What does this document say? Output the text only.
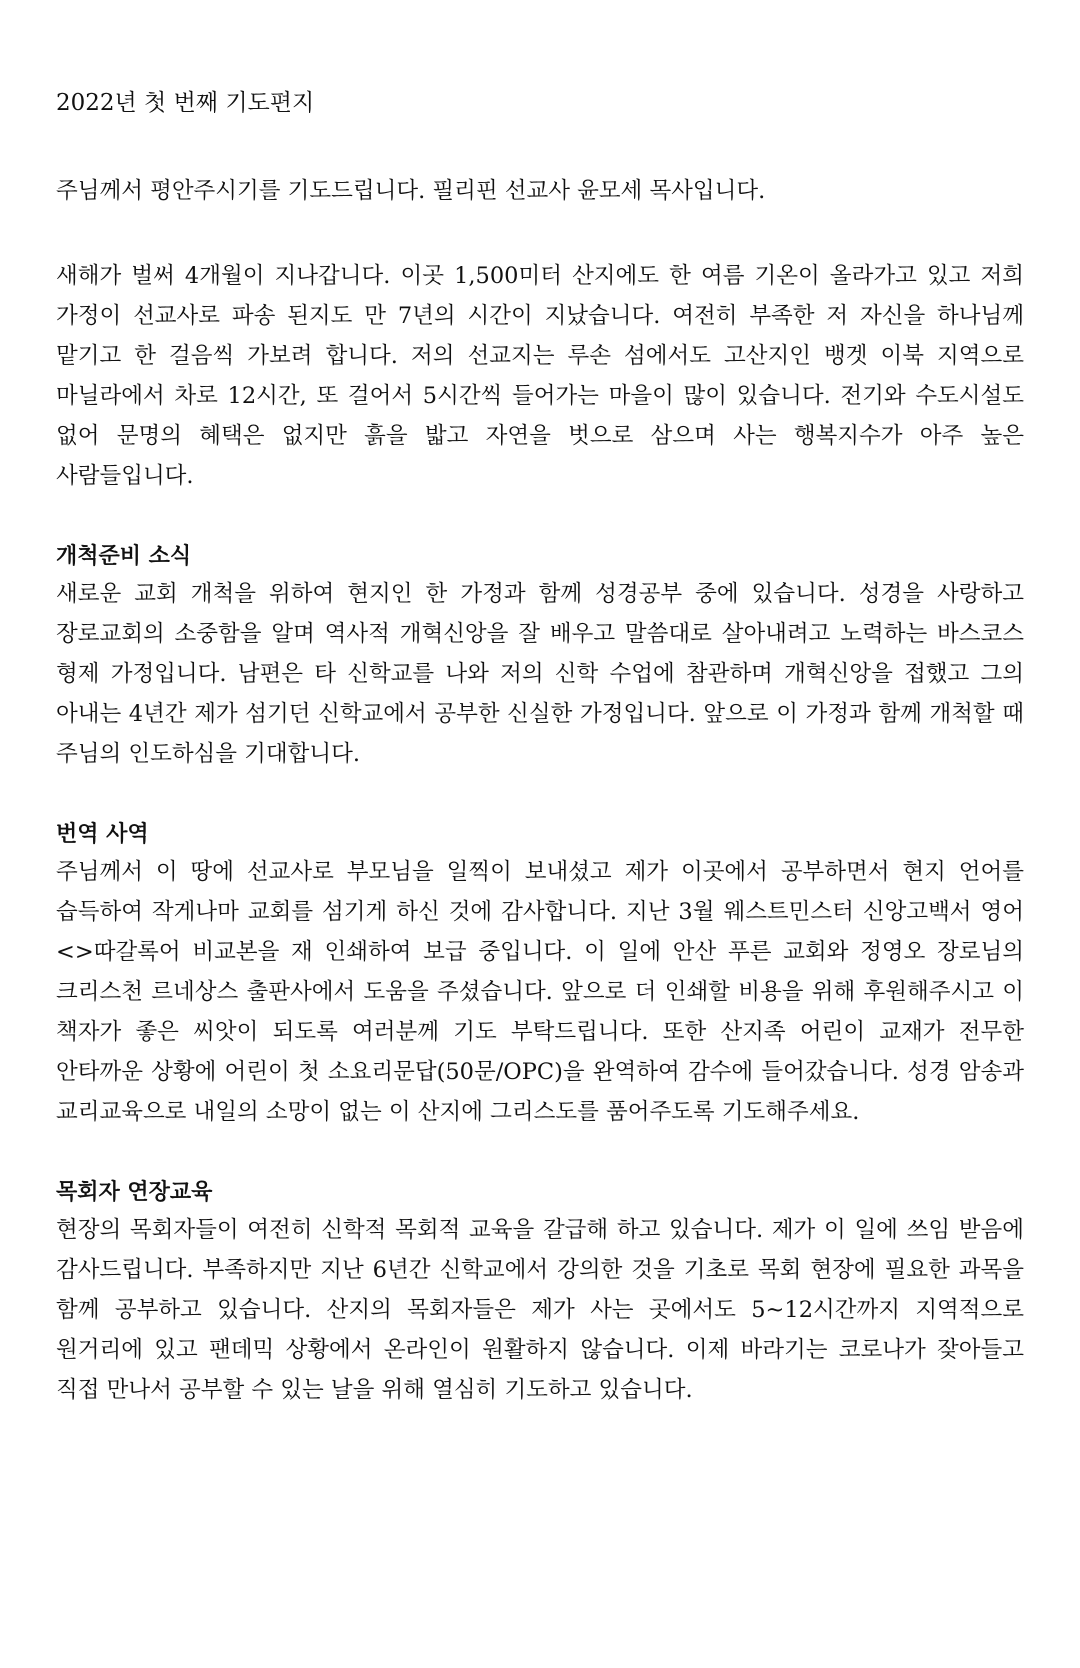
2022년 첫 번째 기도편지

주님께서 평안주시기를 기도드립니다. 필리핀 선교사 윤모세 목사입니다.

새해가 벌써 4개월이 지나갑니다. 이곳 1,500미터 산지에도 한 여름 기온이 올라가고 있고 저희 가정이 선교사로 파송 된지도 만 7년의 시간이 지났습니다. 여전히 부족한 저 자신을 하나님께 맡기고 한 걸음씩 가보려 합니다. 저의 선교지는 루손 섬에서도 고산지인 뱅겟 이북 지역으로 마닐라에서 차로 12시간, 또 걸어서 5시간씩 들어가는 마을이 많이 있습니다. 전기와 수도시설도 없어 문명의 혜택은 없지만 흙을 밟고 자연을 벗으로 삼으며 사는 행복지수가 아주 높은 사람들입니다.

개척준비 소식

새로운 교회 개척을 위하여 현지인 한 가정과 함께 성경공부 중에 있습니다. 성경을 사랑하고 장로교회의 소중함을 알며 역사적 개혁신앙을 잘 배우고 말씀대로 살아내려고 노력하는 바스코스 형제 가정입니다. 남편은 타 신학교를 나와 저의 신학 수업에 참관하며 개혁신앙을 접했고 그의 아내는 4년간 제가 섬기던 신학교에서 공부한 신실한 가정입니다. 앞으로 이 가정과 함께 개척할 때 주님의 인도하심을 기대합니다.

번역 사역

주님께서 이 땅에 선교사로 부모님을 일찍이 보내셨고 제가 이곳에서 공부하면서 현지 언어를 습득하여 작게나마 교회를 섬기게 하신 것에 감사합니다. 지난 3월 웨스트민스터 신앙고백서 영어<>따갈록어 비교본을 재 인쇄하여 보급 중입니다. 이 일에 안산 푸른 교회와 정영오 장로님의 크리스천 르네상스 출판사에서 도움을 주셨습니다. 앞으로 더 인쇄할 비용을 위해 후원해주시고 이 책자가 좋은 씨앗이 되도록 여러분께 기도 부탁드립니다. 또한 산지족 어린이 교재가 전무한 안타까운 상황에 어린이 첫 소요리문답(50문/OPC)을 완역하여 감수에 들어갔습니다. 성경 암송과 교리교육으로 내일의 소망이 없는 이 산지에 그리스도를 품어주도록 기도해주세요.

목회자 연장교육

현장의 목회자들이 여전히 신학적 목회적 교육을 갈급해 하고 있습니다. 제가 이 일에 쓰임 받음에 감사드립니다. 부족하지만 지난 6년간 신학교에서 강의한 것을 기초로 목회 현장에 필요한 과목을 함께 공부하고 있습니다. 산지의 목회자들은 제가 사는 곳에서도 5~12시간까지 지역적으로 원거리에 있고 팬데믹 상황에서 온라인이 원활하지 않습니다. 이제 바라기는 코로나가 잦아들고 직접 만나서 공부할 수 있는 날을 위해 열심히 기도하고 있습니다.
